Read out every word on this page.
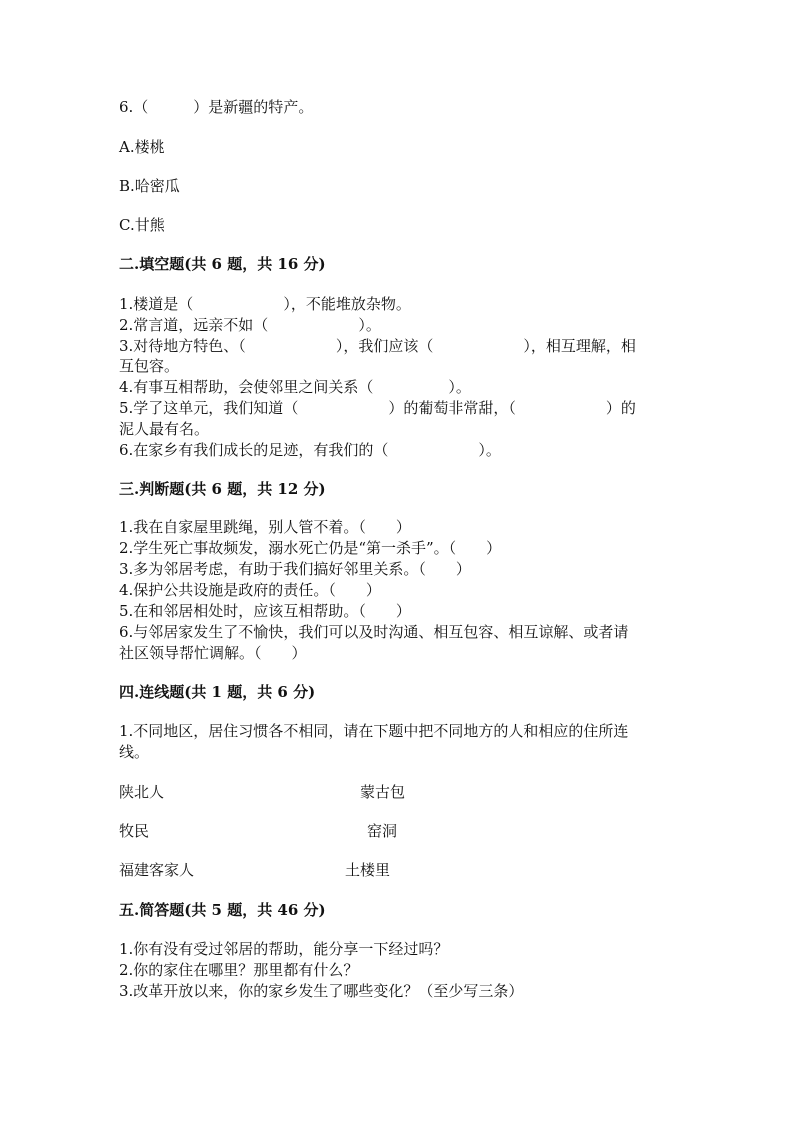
6.（　　　）是新疆的特产。
A.楼桃
B.哈密瓜
C.甘熊
二.填空题(共 6 题，共 16 分)
1.楼道是（　　　　　　），不能堆放杂物。
2.常言道，远亲不如（　　　　　　）。
3.对待地方特色、（　　　　　　），我们应该（　　　　　　），相互理解，相
互包容。
4.有事互相帮助，会使邻里之间关系（　　　　　）。
5.学了这单元，我们知道（　　　　　　）的葡萄非常甜，（　　　　　　）的
泥人最有名。
6.在家乡有我们成长的足迹，有我们的（　　　　　　）。
三.判断题(共 6 题，共 12 分)
1.我在自家屋里跳绳，别人管不着。（　　）
2.学生死亡事故频发，溺水死亡仍是“第一杀手”。（　　）
3.多为邻居考虑，有助于我们搞好邻里关系。（　　）
4.保护公共设施是政府的责任。（　　）
5.在和邻居相处时，应该互相帮助。（　　）
6.与邻居家发生了不愉快，我们可以及时沟通、相互包容、相互谅解、或者请
社区领导帮忙调解。（　　）
四.连线题(共 1 题，共 6 分)
1.不同地区，居住习惯各不相同，请在下题中把不同地方的人和相应的住所连
线。
陕北人	蒙古包
牧民	窑洞
福建客家人	土楼里
五.简答题(共 5 题，共 46 分)
1.你有没有受过邻居的帮助，能分享一下经过吗？
2.你的家住在哪里？那里都有什么？
3.改革开放以来，你的家乡发生了哪些变化？（至少写三条）
